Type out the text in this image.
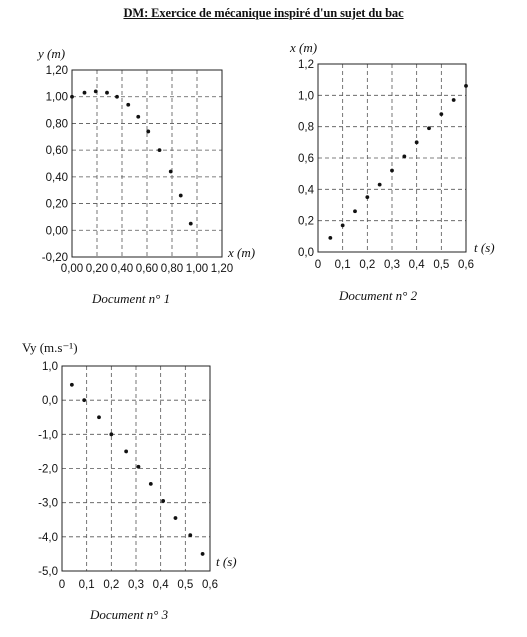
DM: Exercice de mécanique inspiré d'un sujet du bac
0,00 0,20 0,40 0,60 0,80 1,00 1,20
-0,20
0,00
0,20
0,40
0,60
0,80
1,00
1,20
y (m)
x (m)
0 0,1 0,2 0,3 0,4 0,5 0,6
0,0
0,2
0,4
0,6
0,8
1,0
1,2
x (m)
t (s)
0 0,1 0,2 0,3 0,4 0,5 0,6
-5,0
-4,0
-3,0
-2,0
-1,0
0,0
1,0
Vy (m.s⁻¹)
t (s)
Document n° 1	Document n° 2
Document n° 3
